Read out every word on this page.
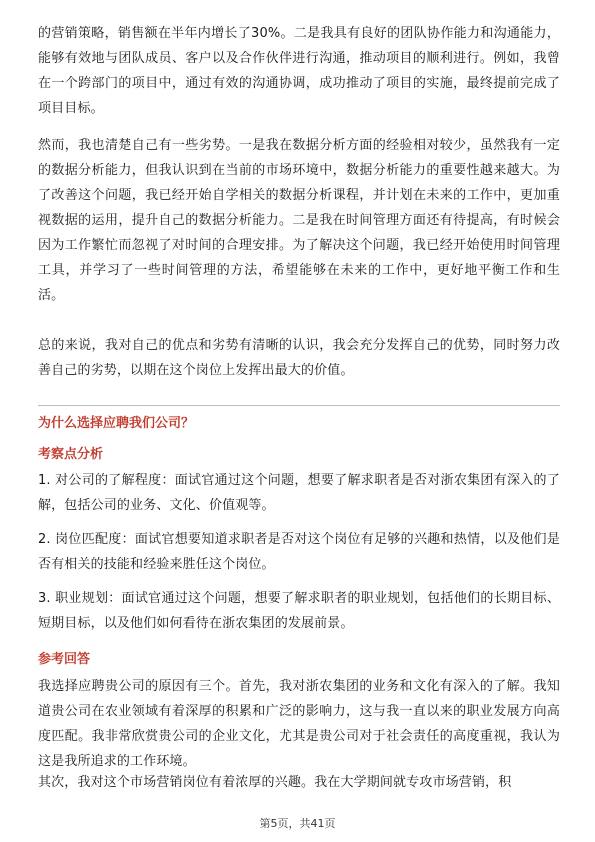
的营销策略，销售额在半年内增长了30%。二是我具有良好的团队协作能力和沟通能力，能够有效地与团队成员、客户以及合作伙伴进行沟通，推动项目的顺利进行。例如，我曾在一个跨部门的项目中，通过有效的沟通协调，成功推动了项目的实施，最终提前完成了项目目标。
然而，我也清楚自己有一些劣势。一是我在数据分析方面的经验相对较少，虽然我有一定的数据分析能力，但我认识到在当前的市场环境中，数据分析能力的重要性越来越大。为了改善这个问题，我已经开始自学相关的数据分析课程，并计划在未来的工作中，更加重视数据的运用，提升自己的数据分析能力。二是我在时间管理方面还有待提高，有时候会因为工作繁忙而忽视了对时间的合理安排。为了解决这个问题，我已经开始使用时间管理工具，并学习了一些时间管理的方法，希望能够在未来的工作中，更好地平衡工作和生活。
总的来说，我对自己的优点和劣势有清晰的认识，我会充分发挥自己的优势，同时努力改善自己的劣势，以期在这个岗位上发挥出最大的价值。
为什么选择应聘我们公司？
考察点分析
1. 对公司的了解程度：面试官通过这个问题，想要了解求职者是否对浙农集团有深入的了解，包括公司的业务、文化、价值观等。
2. 岗位匹配度：面试官想要知道求职者是否对这个岗位有足够的兴趣和热情，以及他们是否有相关的技能和经验来胜任这个岗位。
3. 职业规划：面试官通过这个问题，想要了解求职者的职业规划，包括他们的长期目标、短期目标，以及他们如何看待在浙农集团的发展前景。
参考回答
我选择应聘贵公司的原因有三个。首先，我对浙农集团的业务和文化有深入的了解。我知道贵公司在农业领域有着深厚的积累和广泛的影响力，这与我一直以来的职业发展方向高度匹配。我非常欣赏贵公司的企业文化，尤其是贵公司对于社会责任的高度重视，我认为这是我所追求的工作环境。
其次，我对这个市场营销岗位有着浓厚的兴趣。我在大学期间就专攻市场营销，积
第5页，共41页
